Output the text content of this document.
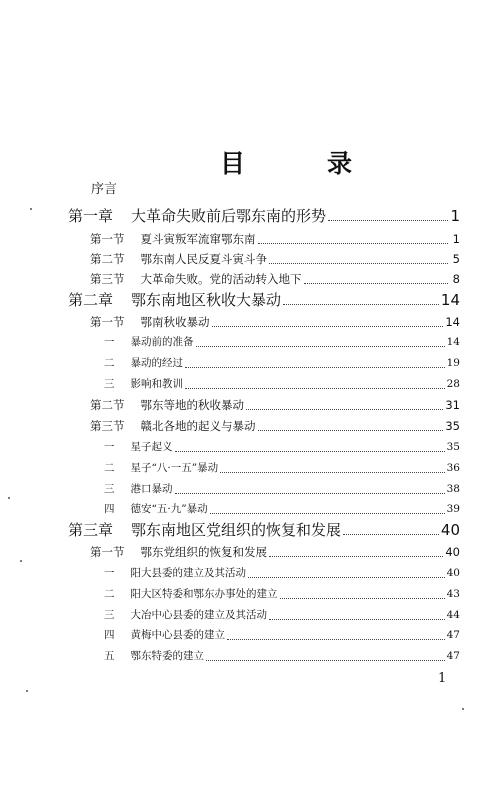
目	录
序言
第一章 大革命失败前后鄂东南的形势	1
第一节 夏斗寅叛军流窜鄂东南	1
第二节 鄂东南人民反夏斗寅斗争	5
第三节 大革命失败。党的活动转入地下	8
第二章 鄂东南地区秋收大暴动	14
第一节 鄂南秋收暴动	14
一 暴动前的准备	14
二 暴动的经过	19
三 影响和教训	28
第二节 鄂东等地的秋收暴动	31
第三节 赣北各地的起义与暴动	35
一 星子起义	35
二 星子“八·一五”暴动	36
三 港口暴动	38
四 德安“五·九”暴动	39
第三章 鄂东南地区党组织的恢复和发展	40
第一节 鄂东党组织的恢复和发展	40
一 阳大县委的建立及其活动	40
二 阳大区特委和鄂东办事处的建立	43
三 大冶中心县委的建立及其活动	44
四 黄梅中心县委的建立	47
五 鄂东特委的建立	47
1
